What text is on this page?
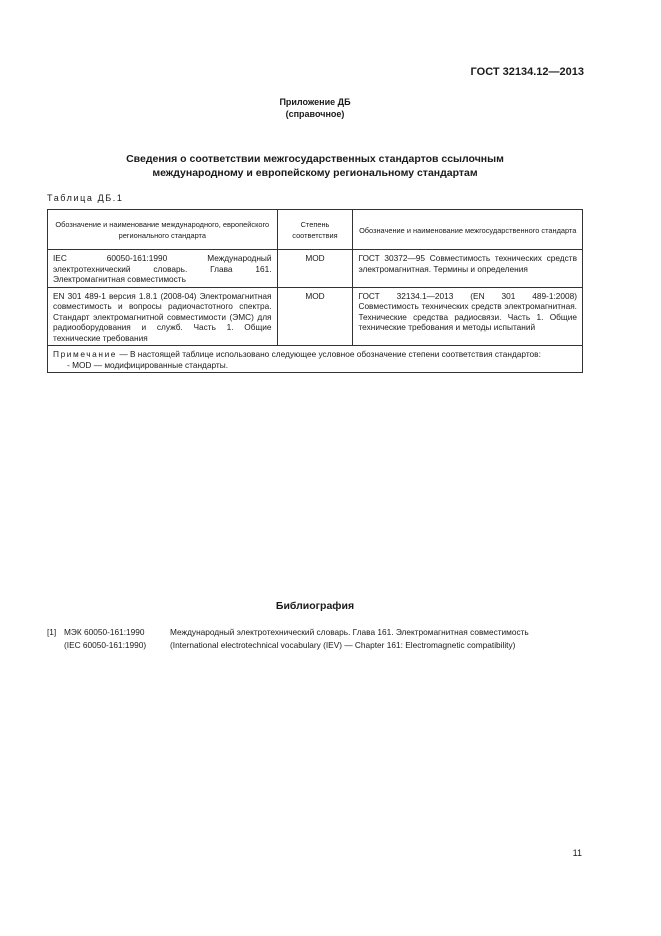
ГОСТ 32134.12—2013
Приложение ДБ
(справочное)
Сведения о соответствии межгосударственных стандартов ссылочным
международному и европейскому региональному стандартам
Таблица ДБ.1
Обозначение и наименование международного, европейского регионального стандарта	Степень соответствия	Обозначение и наименование межгосударственного стандарта
IEC 60050-161:1990 Международный электротехнический словарь. Глава 161. Электромагнитная совместимость	MOD	ГОСТ 30372—95 Совместимость технических средств электромагнитная. Термины и определения
EN 301 489-1 версия 1.8.1 (2008-04) Электромагнитная совместимость и вопросы радиочастотного спектра. Стандарт электромагнитной совместимости (ЭМС) для радиооборудования и служб. Часть 1. Общие технические требования	MOD	ГОСТ 32134.1—2013 (EN 301 489-1:2008) Совместимость технических средств электромагнитная. Технические средства радиосвязи. Часть 1. Общие технические требования и методы испытаний
Примечание — В настоящей таблице использовано следующее условное обозначение степени соответствия стандартов:
- MOD — модифицированные стандарты.		
Библиография
[1] МЭК 60050-161:1990	Международный электротехнический словарь. Глава 161. Электромагнитная совместимость
(IEC 60050-161:1990)	(International electrotechnical vocabulary (IEV) — Chapter 161: Electromagnetic compatibility)
11
